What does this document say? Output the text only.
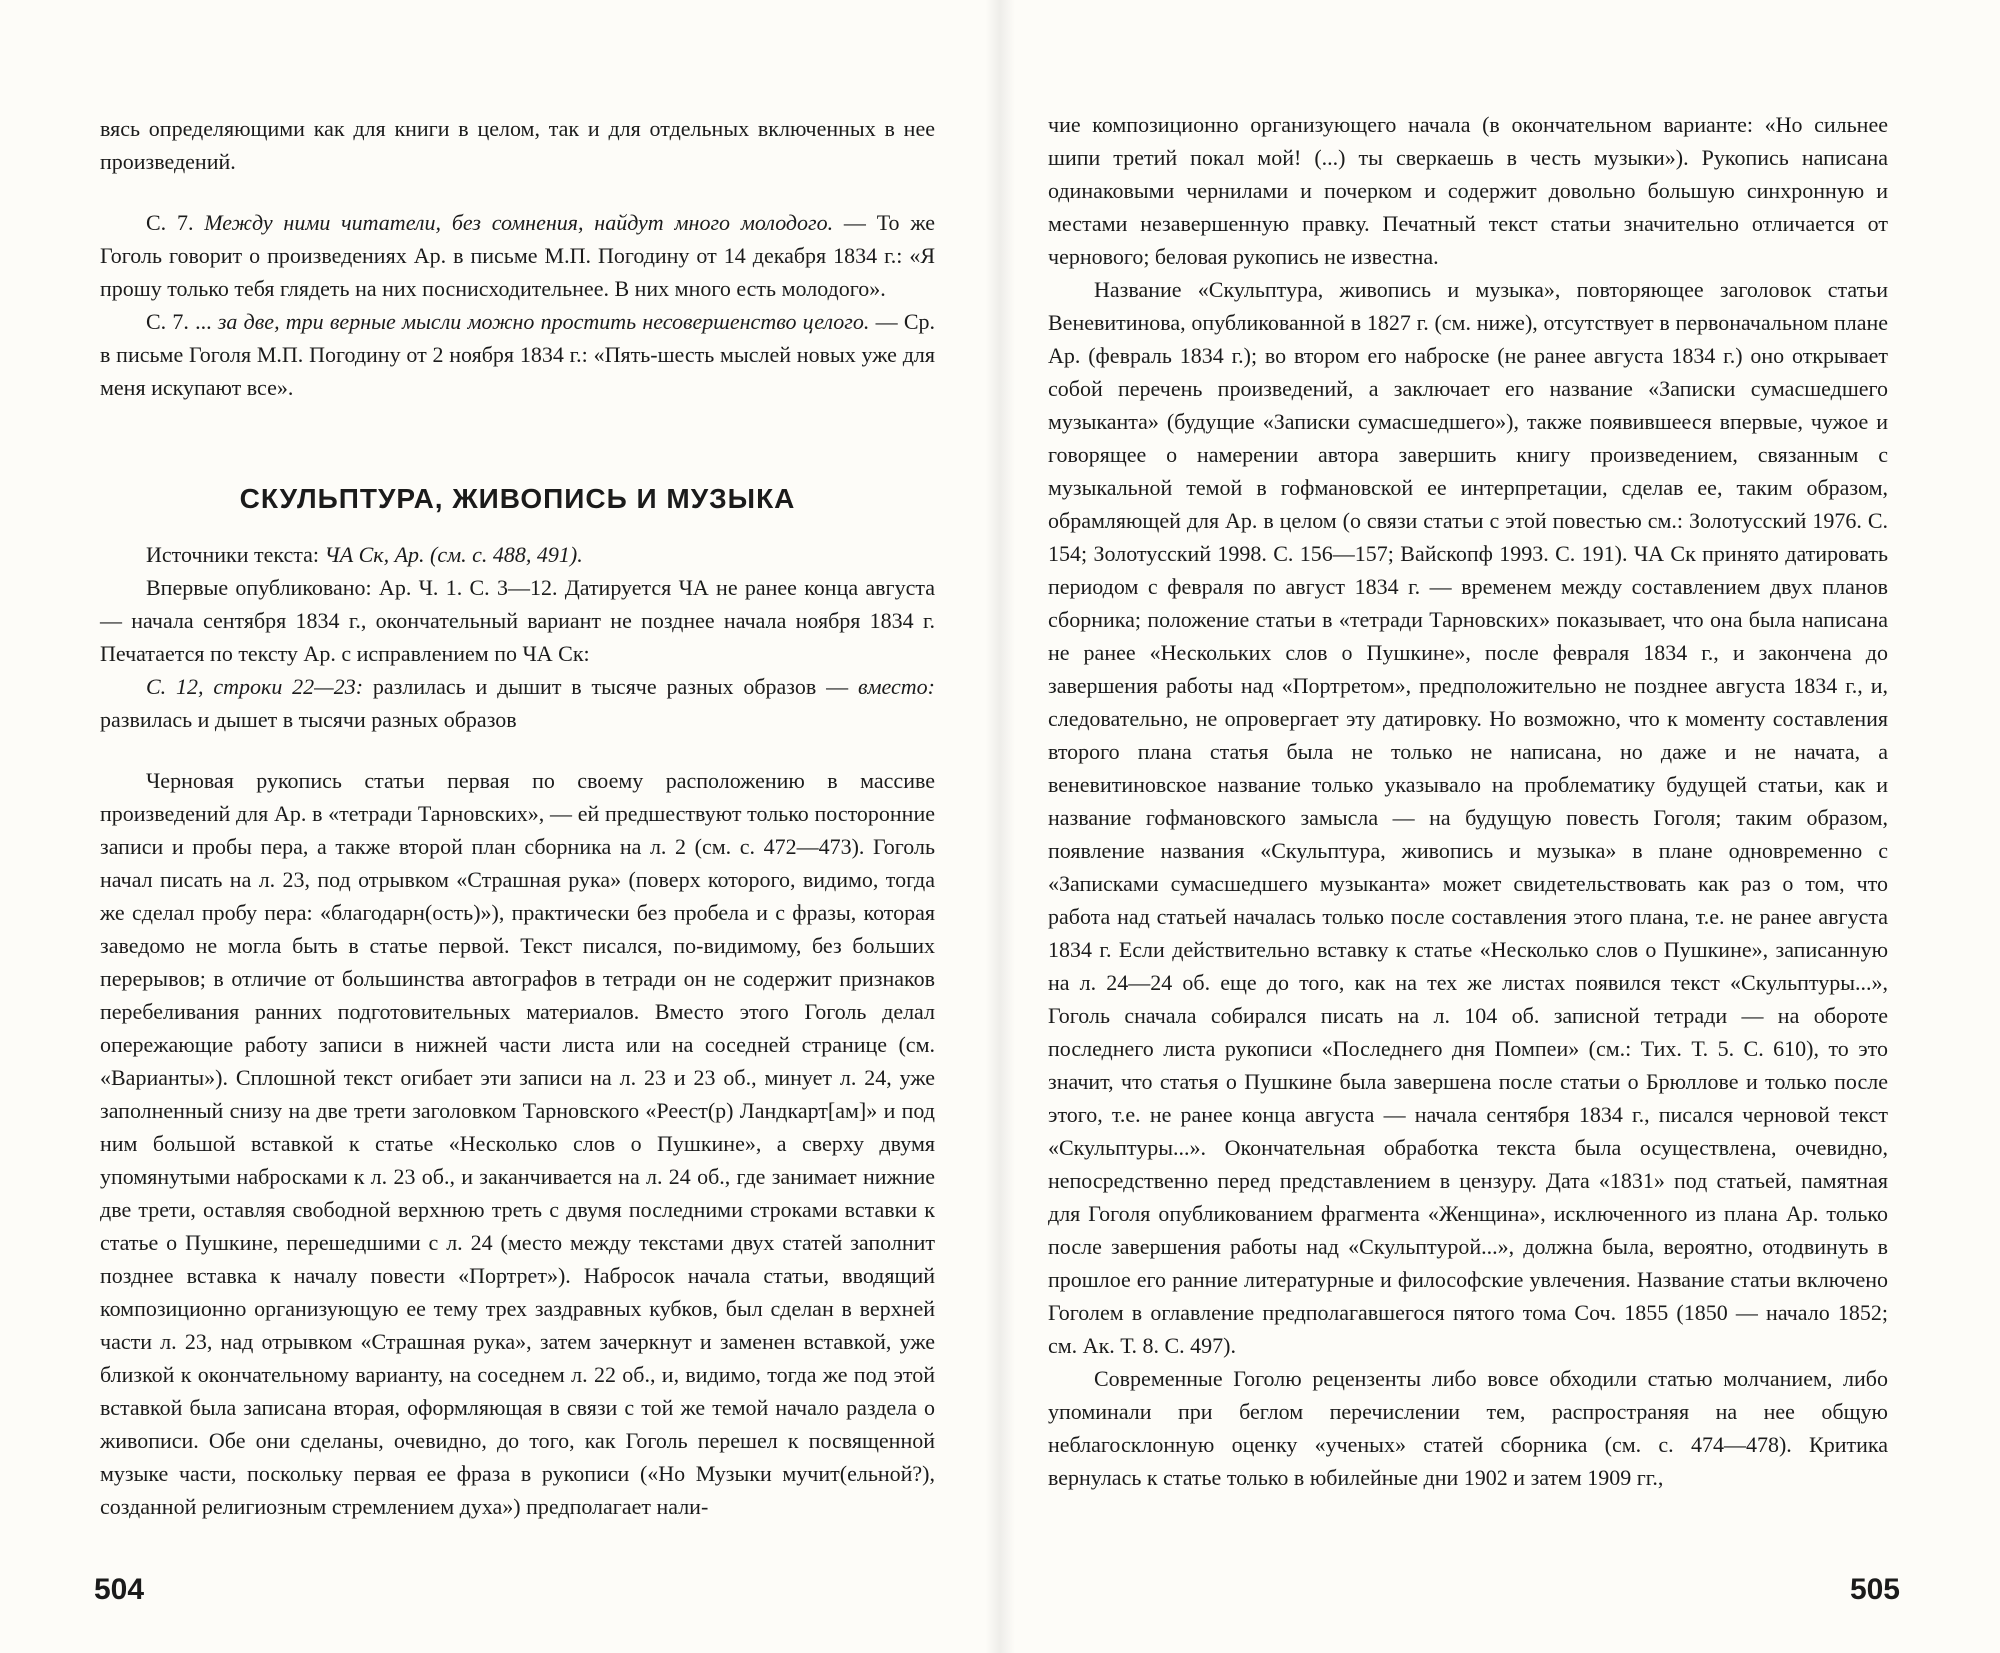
вясь определяющими как для книги в целом, так и для отдельных включенных в нее произведений.

С. 7. Между ними читатели, без сомнения, найдут много молодого. — То же Гоголь говорит о произведениях Ар. в письме М.П. Погодину от 14 декабря 1834 г.: «Я прошу только тебя глядеть на них поснисходительнее. В них много есть молодого».

С. 7. ... за две, три верные мысли можно простить несовершенство целого. — Ср. в письме Гоголя М.П. Погодину от 2 ноября 1834 г.: «Пять-шесть мыслей новых уже для меня искупают все».

СКУЛЬПТУРА, ЖИВОПИСЬ И МУЗЫКА

Источники текста: ЧА Ск, Ар. (см. с. 488, 491).

Впервые опубликовано: Ар. Ч. 1. С. 3—12. Датируется ЧА не ранее конца августа — начала сентября 1834 г., окончательный вариант не позднее начала ноября 1834 г. Печатается по тексту Ар. с исправлением по ЧА Ск:

С. 12, строки 22—23: разлилась и дышит в тысяче разных образов — вместо: развилась и дышет в тысячи разных образов

Черновая рукопись статьи первая по своему расположению в массиве произведений для Ар. в «тетради Тарновских», — ей предшествуют только посторонние записи и пробы пера, а также второй план сборника на л. 2 (см. с. 472—473). Гоголь начал писать на л. 23, под отрывком «Страшная рука» (поверх которого, видимо, тогда же сделал пробу пера: «благодарн(ость)»), практически без пробела и с фразы, которая заведомо не могла быть в статье первой. Текст писался, по-видимому, без больших перерывов; в отличие от большинства автографов в тетради он не содержит признаков перебеливания ранних подготовительных материалов. Вместо этого Гоголь делал опережающие работу записи в нижней части листа или на соседней странице (см. «Варианты»). Сплошной текст огибает эти записи на л. 23 и 23 об., минует л. 24, уже заполненный снизу на две трети заголовком Тарновского «Реест(р) Ландкарт[ам]» и под ним большой вставкой к статье «Несколько слов о Пушкине», а сверху двумя упомянутыми набросками к л. 23 об., и заканчивается на л. 24 об., где занимает нижние две трети, оставляя свободной верхнюю треть с двумя последними строками вставки к статье о Пушкине, перешедшими с л. 24 (место между текстами двух статей заполнит позднее вставка к началу повести «Портрет»). Набросок начала статьи, вводящий композиционно организующую ее тему трех заздравных кубков, был сделан в верхней части л. 23, над отрывком «Страшная рука», затем зачеркнут и заменен вставкой, уже близкой к окончательному варианту, на соседнем л. 22 об., и, видимо, тогда же под этой вставкой была записана вторая, оформляющая в связи с той же темой начало раздела о живописи. Обе они сделаны, очевидно, до того, как Гоголь перешел к посвященной музыке части, поскольку первая ее фраза в рукописи («Но Музыки мучит(ельной?), созданной религиозным стремлением духа») предполагает нали-

504

чие композиционно организующего начала (в окончательном варианте: «Но сильнее шипи третий покал мой! (...) ты сверкаешь в честь музыки»). Рукопись написана одинаковыми чернилами и почерком и содержит довольно большую синхронную и местами незавершенную правку. Печатный текст статьи значительно отличается от чернового; беловая рукопись не известна.

Название «Скульптура, живопись и музыка», повторяющее заголовок статьи Веневитинова, опубликованной в 1827 г. (см. ниже), отсутствует в первоначальном плане Ар. (февраль 1834 г.); во втором его наброске (не ранее августа 1834 г.) оно открывает собой перечень произведений, а заключает его название «Записки сумасшедшего музыканта» (будущие «Записки сумасшедшего»), также появившееся впервые, чужое и говорящее о намерении автора завершить книгу произведением, связанным с музыкальной темой в гофмановской ее интерпретации, сделав ее, таким образом, обрамляющей для Ар. в целом (о связи статьи с этой повестью см.: Золотусский 1976. С. 154; Золотусский 1998. С. 156—157; Вайскопф 1993. С. 191). ЧА Ск принято датировать периодом с февраля по август 1834 г. — временем между составлением двух планов сборника; положение статьи в «тетради Тарновских» показывает, что она была написана не ранее «Нескольких слов о Пушкине», после февраля 1834 г., и закончена до завершения работы над «Портретом», предположительно не позднее августа 1834 г., и, следовательно, не опровергает эту датировку. Но возможно, что к моменту составления второго плана статья была не только не написана, но даже и не начата, а веневитиновское название только указывало на проблематику будущей статьи, как и название гофмановского замысла — на будущую повесть Гоголя; таким образом, появление названия «Скульптура, живопись и музыка» в плане одновременно с «Записками сумасшедшего музыканта» может свидетельствовать как раз о том, что работа над статьей началась только после составления этого плана, т.е. не ранее августа 1834 г. Если действительно вставку к статье «Несколько слов о Пушкине», записанную на л. 24—24 об. еще до того, как на тех же листах появился текст «Скульптуры...», Гоголь сначала собирался писать на л. 104 об. записной тетради — на обороте последнего листа рукописи «Последнего дня Помпеи» (см.: Тих. Т. 5. С. 610), то это значит, что статья о Пушкине была завершена после статьи о Брюллове и только после этого, т.е. не ранее конца августа — начала сентября 1834 г., писался черновой текст «Скульптуры...». Окончательная обработка текста была осуществлена, очевидно, непосредственно перед представлением в цензуру. Дата «1831» под статьей, памятная для Гоголя опубликованием фрагмента «Женщина», исключенного из плана Ар. только после завершения работы над «Скульптурой...», должна была, вероятно, отодвинуть в прошлое его ранние литературные и философские увлечения. Название статьи включено Гоголем в оглавление предполагавшегося пятого тома Соч. 1855 (1850 — начало 1852; см. Ак. Т. 8. С. 497).

Современные Гоголю рецензенты либо вовсе обходили статью молчанием, либо упоминали при беглом перечислении тем, распространяя на нее общую неблагосклонную оценку «ученых» статей сборника (см. с. 474—478). Критика вернулась к статье только в юбилейные дни 1902 и затем 1909 гг.,

505
